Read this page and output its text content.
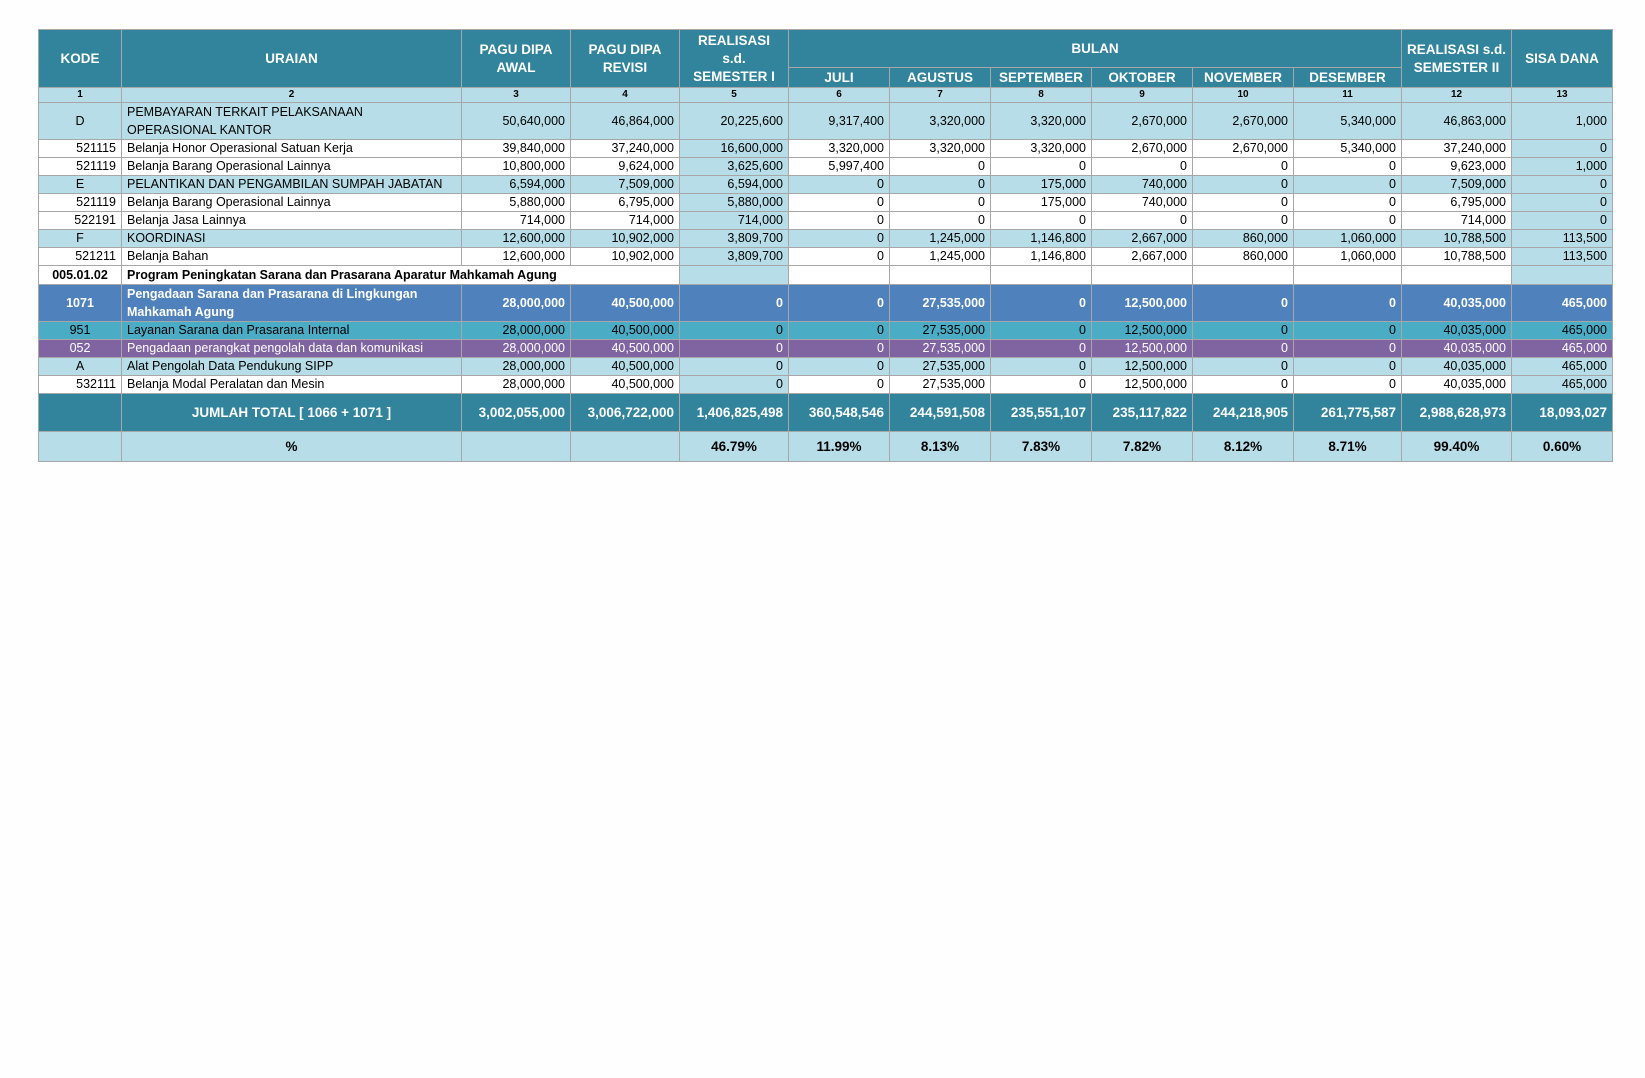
KODE	URAIAN	PAGU DIPA AWAL	PAGU DIPA REVISI	REALISASI s.d. SEMESTER I	BULAN						REALISASI s.d. SEMESTER II	SISA DANA
					JULI	AGUSTUS	SEPTEMBER	OKTOBER	NOVEMBER	DESEMBER		
1	2	3	4	5	6	7	8	9	10	11	12	13
D	PEMBAYARAN TERKAIT PELAKSANAAN OPERASIONAL KANTOR	50,640,000	46,864,000	20,225,600	9,317,400	3,320,000	3,320,000	2,670,000	2,670,000	5,340,000	46,863,000	1,000
521115	Belanja Honor Operasional Satuan Kerja	39,840,000	37,240,000	16,600,000	3,320,000	3,320,000	3,320,000	2,670,000	2,670,000	5,340,000	37,240,000	0
521119	Belanja Barang Operasional Lainnya	10,800,000	9,624,000	3,625,600	5,997,400	0	0	0	0	0	9,623,000	1,000
E	PELANTIKAN DAN PENGAMBILAN SUMPAH JABATAN	6,594,000	7,509,000	6,594,000	0	0	175,000	740,000	0	0	7,509,000	0
521119	Belanja Barang Operasional Lainnya	5,880,000	6,795,000	5,880,000	0	0	175,000	740,000	0	0	6,795,000	0
522191	Belanja Jasa Lainnya	714,000	714,000	714,000	0	0	0	0	0	0	714,000	0
F	KOORDINASI	12,600,000	10,902,000	3,809,700	0	1,245,000	1,146,800	2,667,000	860,000	1,060,000	10,788,500	113,500
521211	Belanja Bahan	12,600,000	10,902,000	3,809,700	0	1,245,000	1,146,800	2,667,000	860,000	1,060,000	10,788,500	113,500
005.01.02	Program Peningkatan Sarana dan Prasarana Aparatur Mahkamah Agung											
1071	Pengadaan Sarana dan Prasarana di Lingkungan Mahkamah Agung	28,000,000	40,500,000	0	0	27,535,000	0	12,500,000	0	0	40,035,000	465,000
951	Layanan Sarana dan Prasarana Internal	28,000,000	40,500,000	0	0	27,535,000	0	12,500,000	0	0	40,035,000	465,000
052	Pengadaan perangkat pengolah data dan komunikasi	28,000,000	40,500,000	0	0	27,535,000	0	12,500,000	0	0	40,035,000	465,000
A	Alat Pengolah Data Pendukung SIPP	28,000,000	40,500,000	0	0	27,535,000	0	12,500,000	0	0	40,035,000	465,000
532111	Belanja Modal Peralatan dan Mesin	28,000,000	40,500,000	0	0	27,535,000	0	12,500,000	0	0	40,035,000	465,000
	JUMLAH TOTAL [ 1066 + 1071 ]	3,002,055,000	3,006,722,000	1,406,825,498	360,548,546	244,591,508	235,551,107	235,117,822	244,218,905	261,775,587	2,988,628,973	18,093,027
	%			46.79%	11.99%	8.13%	7.83%	7.82%	8.12%	8.71%	99.40%	0.60%
